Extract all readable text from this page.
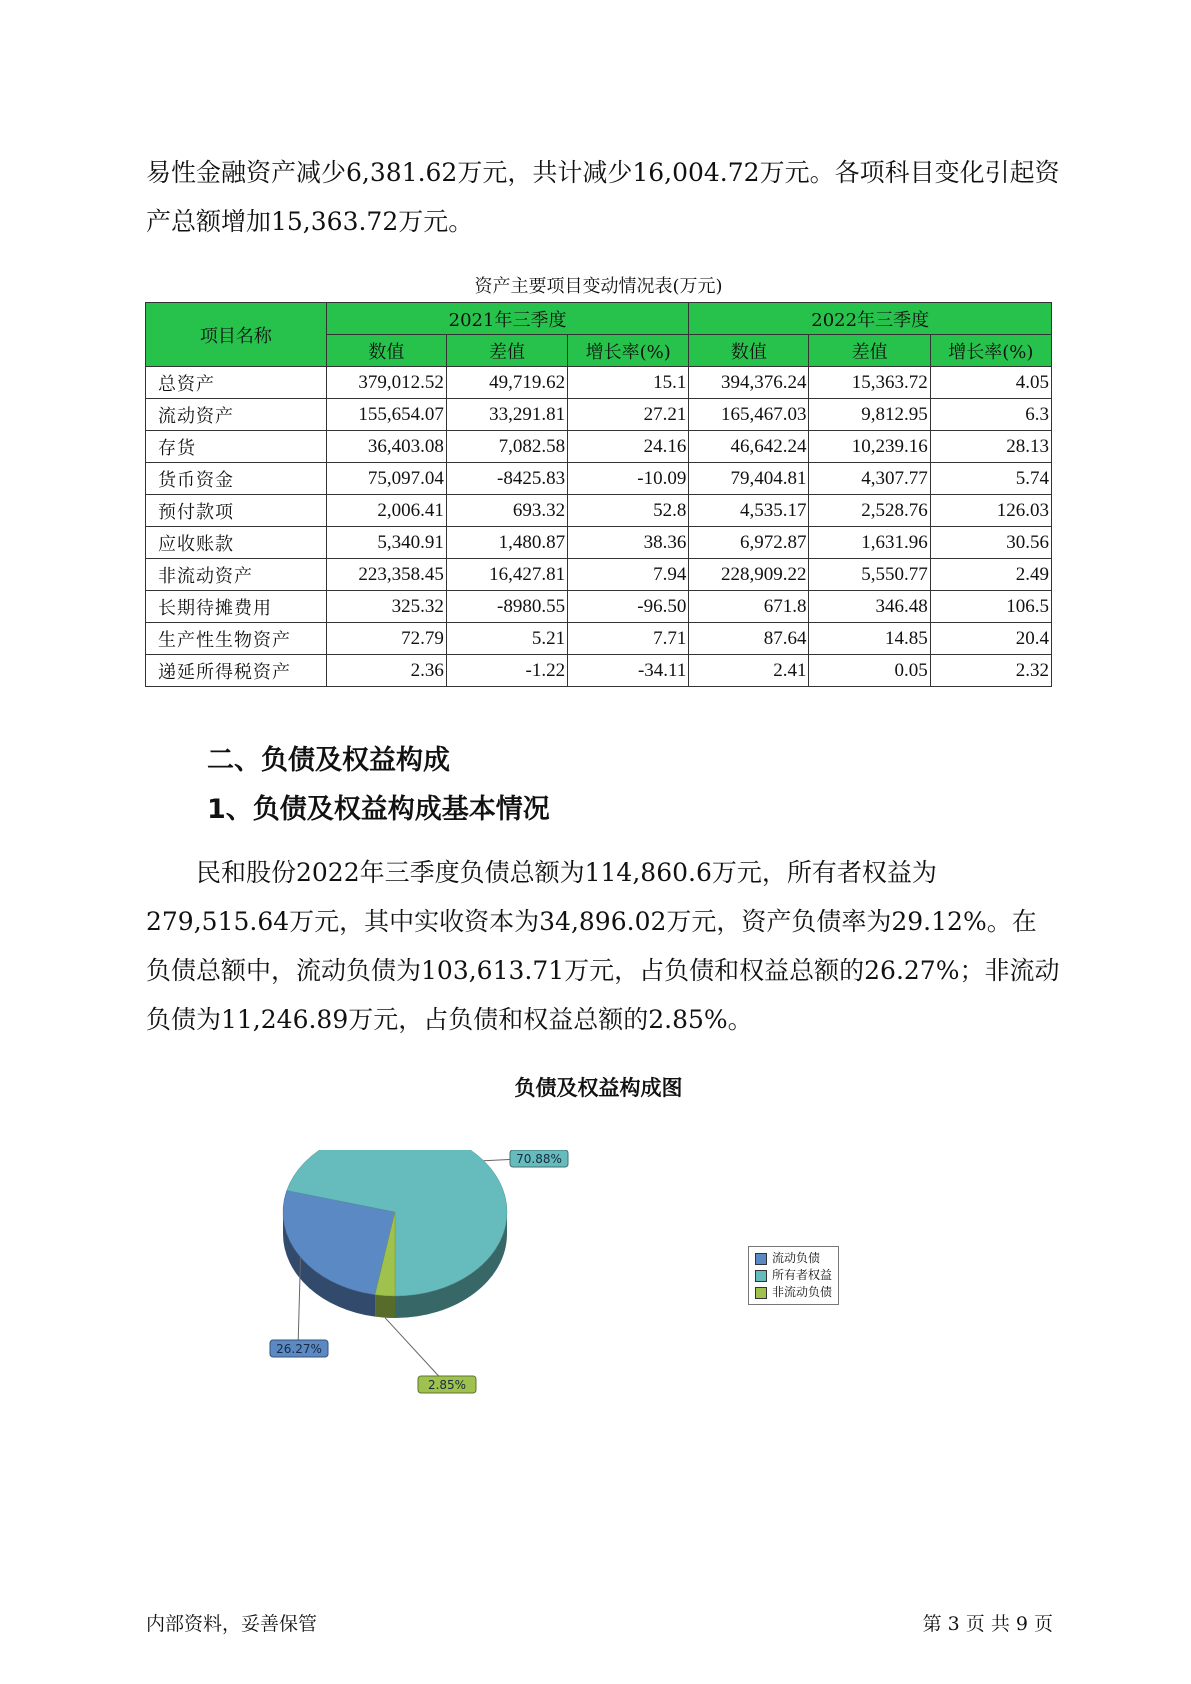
易性金融资产减少6,381.62万元，共计减少16,004.72万元。各项科目变化引起资产总额增加15,363.72万元。

资产主要项目变动情况表(万元)
项目名称	2021年三季度			2022年三季度		
	数值	差值	增长率(%)	数值	差值	增长率(%)
总资产	379,012.52	49,719.62	15.1	394,376.24	15,363.72	4.05
流动资产	155,654.07	33,291.81	27.21	165,467.03	9,812.95	6.3
存货	36,403.08	7,082.58	24.16	46,642.24	10,239.16	28.13
货币资金	75,097.04	-8425.83	-10.09	79,404.81	4,307.77	5.74
预付款项	2,006.41	693.32	52.8	4,535.17	2,528.76	126.03
应收账款	5,340.91	1,480.87	38.36	6,972.87	1,631.96	30.56
非流动资产	223,358.45	16,427.81	7.94	228,909.22	5,550.77	2.49
长期待摊费用	325.32	-8980.55	-96.50	671.8	346.48	106.5
生产性生物资产	72.79	5.21	7.71	87.64	14.85	20.4
递延所得税资产	2.36	-1.22	-34.11	2.41	0.05	2.32
二、负债及权益构成
1、负债及权益构成基本情况

民和股份2022年三季度负债总额为114,860.6万元，所有者权益为279,515.64万元，其中实收资本为34,896.02万元，资产负债率为29.12%。在负债总额中，流动负债为103,613.71万元，占负债和权益总额的26.27%；非流动负债为11,246.89万元，占负债和权益总额的2.85%。

负债及权益构成图
26.27%
70.88%
2.85%
流动负债
所有者权益
非流动负债
内部资料，妥善保管	第 3 页 共 9 页
